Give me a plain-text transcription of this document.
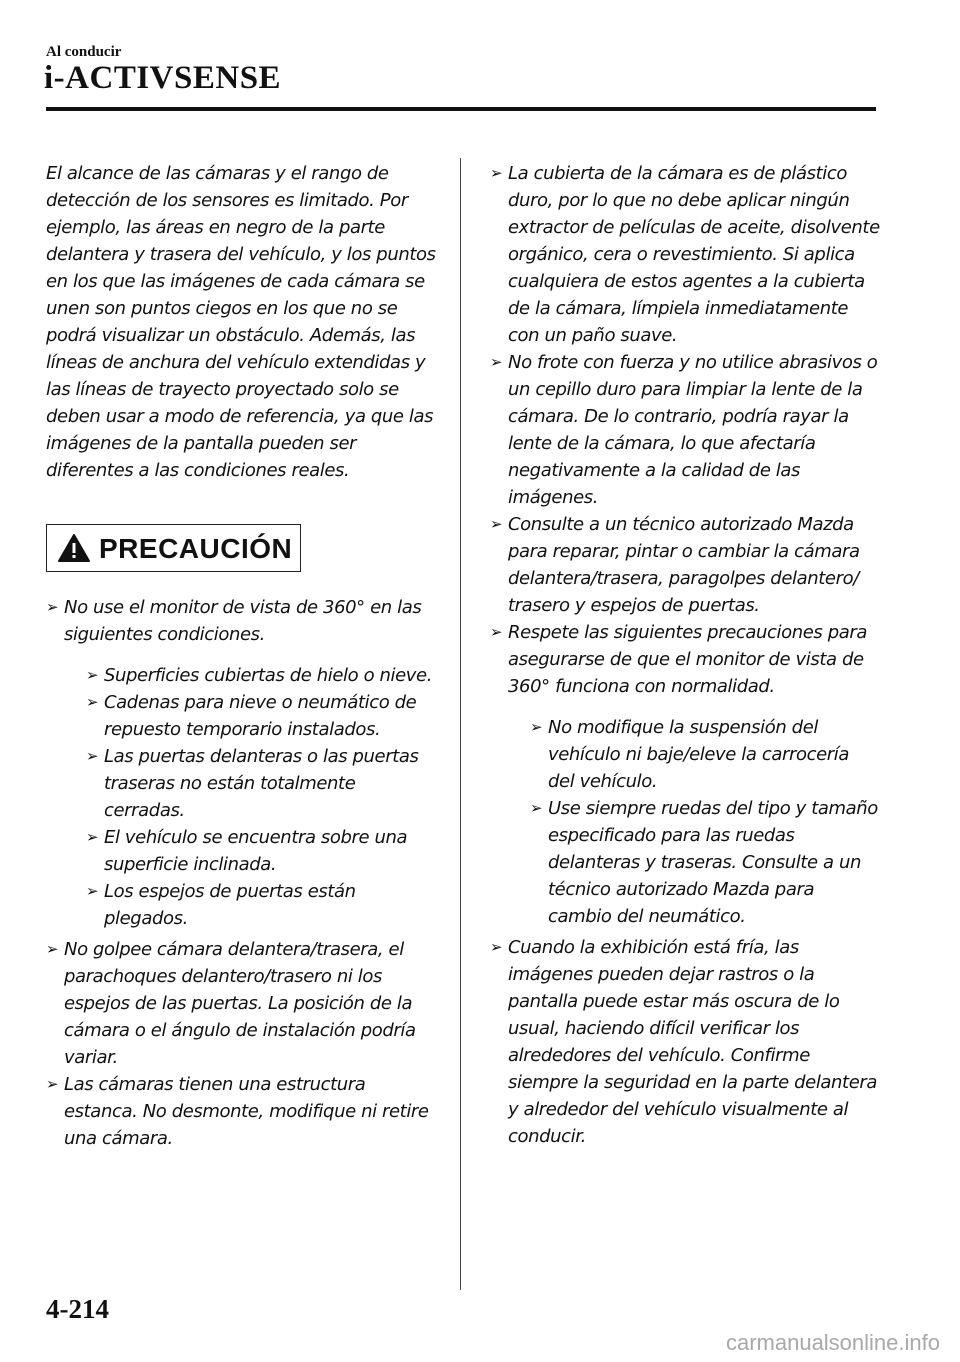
Al conducir
i-ACTIVSENSE

El alcance de las cámaras y el rango de detección de los sensores es limitado. Por ejemplo, las áreas en negro de la parte delantera y trasera del vehículo, y los puntos en los que las imágenes de cada cámara se unen son puntos ciegos en los que no se podrá visualizar un obstáculo. Además, las líneas de anchura del vehículo extendidas y las líneas de trayecto proyectado solo se deben usar a modo de referencia, ya que las imágenes de la pantalla pueden ser diferentes a las condiciones reales.

PRECAUCIÓN
➢ No use el monitor de vista de 360° en las siguientes condiciones.
➢ Superficies cubiertas de hielo o nieve.
➢ Cadenas para nieve o neumático de repuesto temporario instalados.
➢ Las puertas delanteras o las puertas traseras no están totalmente cerradas.
➢ El vehículo se encuentra sobre una superficie inclinada.
➢ Los espejos de puertas están plegados.
➢ No golpee cámara delantera/trasera, el parachoques delantero/trasero ni los espejos de las puertas. La posición de la cámara o el ángulo de instalación podría variar.
➢ Las cámaras tienen una estructura estanca. No desmonte, modifique ni retire una cámara.
➢ La cubierta de la cámara es de plástico duro, por lo que no debe aplicar ningún extractor de películas de aceite, disolvente orgánico, cera o revestimiento. Si aplica cualquiera de estos agentes a la cubierta de la cámara, límpiela inmediatamente con un paño suave.
➢ No frote con fuerza y no utilice abrasivos o un cepillo duro para limpiar la lente de la cámara. De lo contrario, podría rayar la lente de la cámara, lo que afectaría negativamente a la calidad de las imágenes.
➢ Consulte a un técnico autorizado Mazda para reparar, pintar o cambiar la cámara delantera/trasera, paragolpes delantero/ trasero y espejos de puertas.
➢ Respete las siguientes precauciones para asegurarse de que el monitor de vista de 360° funciona con normalidad.
➢ No modifique la suspensión del vehículo ni baje/eleve la carrocería del vehículo.
➢ Use siempre ruedas del tipo y tamaño especificado para las ruedas delanteras y traseras. Consulte a un técnico autorizado Mazda para cambio del neumático.
➢ Cuando la exhibición está fría, las imágenes pueden dejar rastros o la pantalla puede estar más oscura de lo usual, haciendo difícil verificar los alrededores del vehículo. Confirme siempre la seguridad en la parte delantera y alrededor del vehículo visualmente al conducir.
4-214
carmanualsonline.info
